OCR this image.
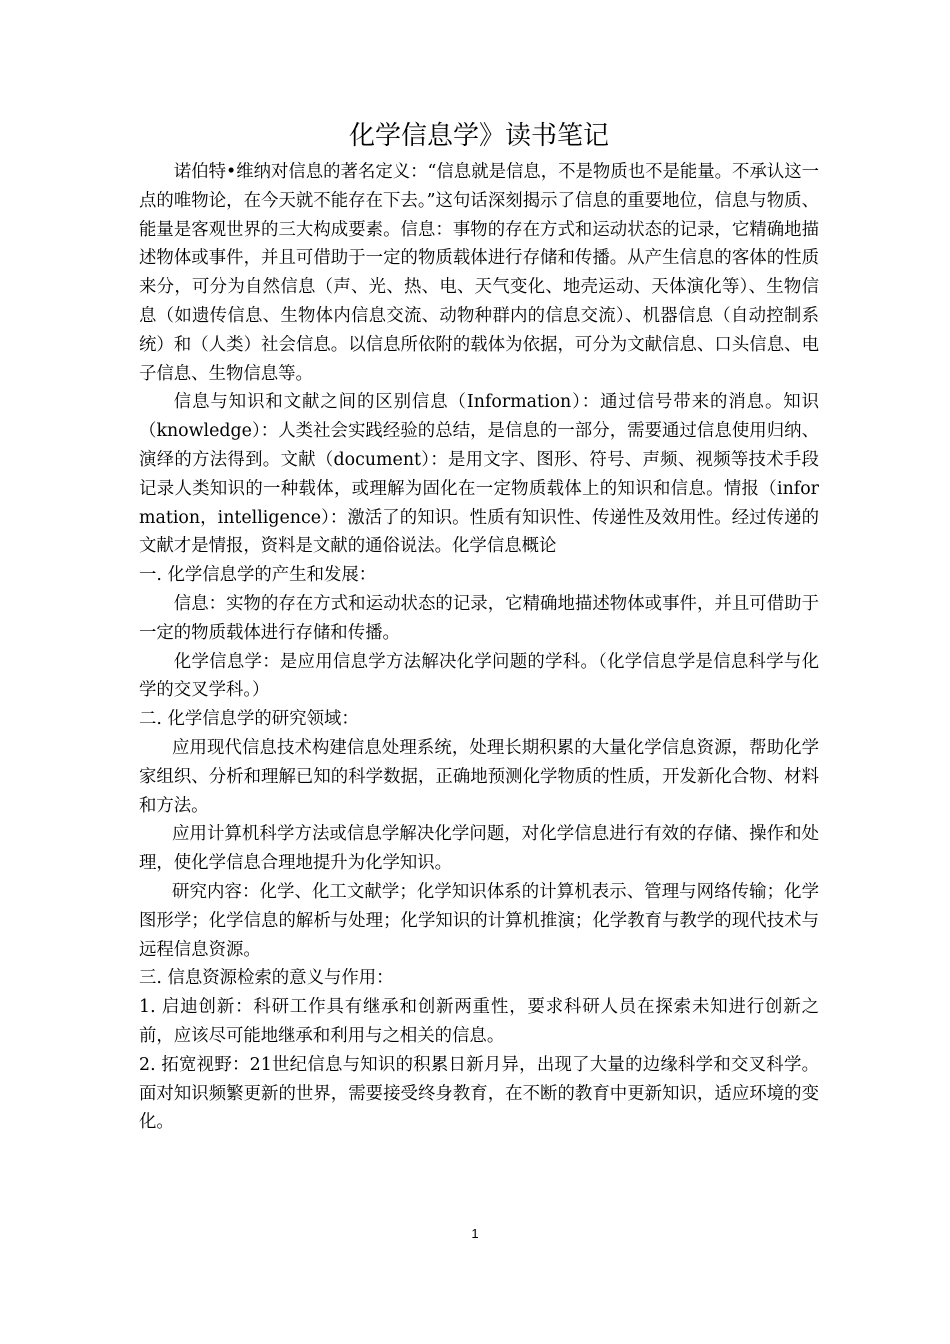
化学信息学》读书笔记

诺伯特•维纳对信息的著名定义：“信息就是信息，不是物质也不是能量。不承认这一点的唯物论，在今天就不能存在下去。”这句话深刻揭示了信息的重要地位，信息与物质、能量是客观世界的三大构成要素。信息：事物的存在方式和运动状态的记录，它精确地描述物体或事件，并且可借助于一定的物质载体进行存储和传播。从产生信息的客体的性质来分，可分为自然信息（声、光、热、电、天气变化、地壳运动、天体演化等）、生物信息（如遗传信息、生物体内信息交流、动物种群内的信息交流）、机器信息（自动控制系统）和（人类）社会信息。以信息所依附的载体为依据，可分为文献信息、口头信息、电子信息、生物信息等。

信息与知识和文献之间的区别信息（Information）：通过信号带来的消息。知识（knowledge）：人类社会实践经验的总结，是信息的一部分，需要通过信息使用归纳、演绎的方法得到。文献（document）：是用文字、图形、符号、声频、视频等技术手段记录人类知识的一种载体，或理解为固化在一定物质载体上的知识和信息。情报（information，intelligence）：激活了的知识。性质有知识性、传递性及效用性。经过传递的文献才是情报，资料是文献的通俗说法。化学信息概论

一. 化学信息学的产生和发展：

信息：实物的存在方式和运动状态的记录，它精确地描述物体或事件，并且可借助于一定的物质载体进行存储和传播。

化学信息学：是应用信息学方法解决化学问题的学科。（化学信息学是信息科学与化学的交叉学科。）

二. 化学信息学的研究领域：

应用现代信息技术构建信息处理系统，处理长期积累的大量化学信息资源，帮助化学家组织、分析和理解已知的科学数据，正确地预测化学物质的性质，开发新化合物、材料和方法。

应用计算机科学方法或信息学解决化学问题，对化学信息进行有效的存储、操作和处理，使化学信息合理地提升为化学知识。

研究内容：化学、化工文献学；化学知识体系的计算机表示、管理与网络传输；化学图形学；化学信息的解析与处理；化学知识的计算机推演；化学教育与教学的现代技术与远程信息资源。

三. 信息资源检索的意义与作用：

1. 启迪创新：科研工作具有继承和创新两重性，要求科研人员在探索未知进行创新之前，应该尽可能地继承和利用与之相关的信息。

2. 拓宽视野：21世纪信息与知识的积累日新月异，出现了大量的边缘科学和交叉科学。面对知识频繁更新的世界，需要接受终身教育，在不断的教育中更新知识，适应环境的变化。

1
